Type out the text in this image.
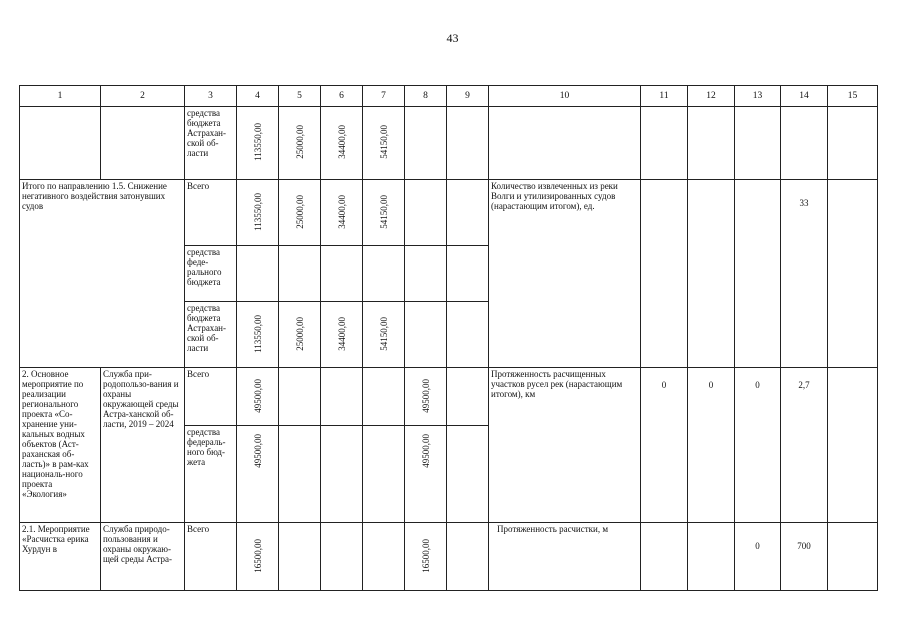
43
1	2	3	4	5	6	7	8	9	10	11	12	13	14	15
		средства бюджета Астрахан-ской об-ласти	113550,00	25000,00	34400,00	54150,00								
Итого по направлению 1.5. Снижение негативного воздействия затонувших судов		Всего	113550,00	25000,00	34400,00	54150,00			Количество извлеченных из реки Волги и утилизированных судов (нарастающим итогом), ед.				33	
		средства феде-рального бюджета												
		средства бюджета Астрахан-ской об-ласти	113550,00	25000,00	34400,00	54150,00								
2. Основное мероприятие по реализации регионального проекта «Со-хранение уни-кальных водных объектов (Аст-раханская об-ласть)» в рам-ках националь-ного проекта «Экология»	Служба при-родопользо-вания и охраны окружающей среды Астра-ханской об-ласти, 2019 – 2024	Всего	49500,00				49500,00		Протяженность расчищенных участков русел рек (нарастающим итогом), км	0	0	0	2,7	
		средства федераль-ного бюд-жета	49500,00				49500,00							
2.1. Мероприятие «Расчистка ерика Хурдун в	Служба природо-пользования и охраны окружаю-щей среды Астра-	Всего	16500,00				16500,00		Протяженность расчистки, м			0	700	
